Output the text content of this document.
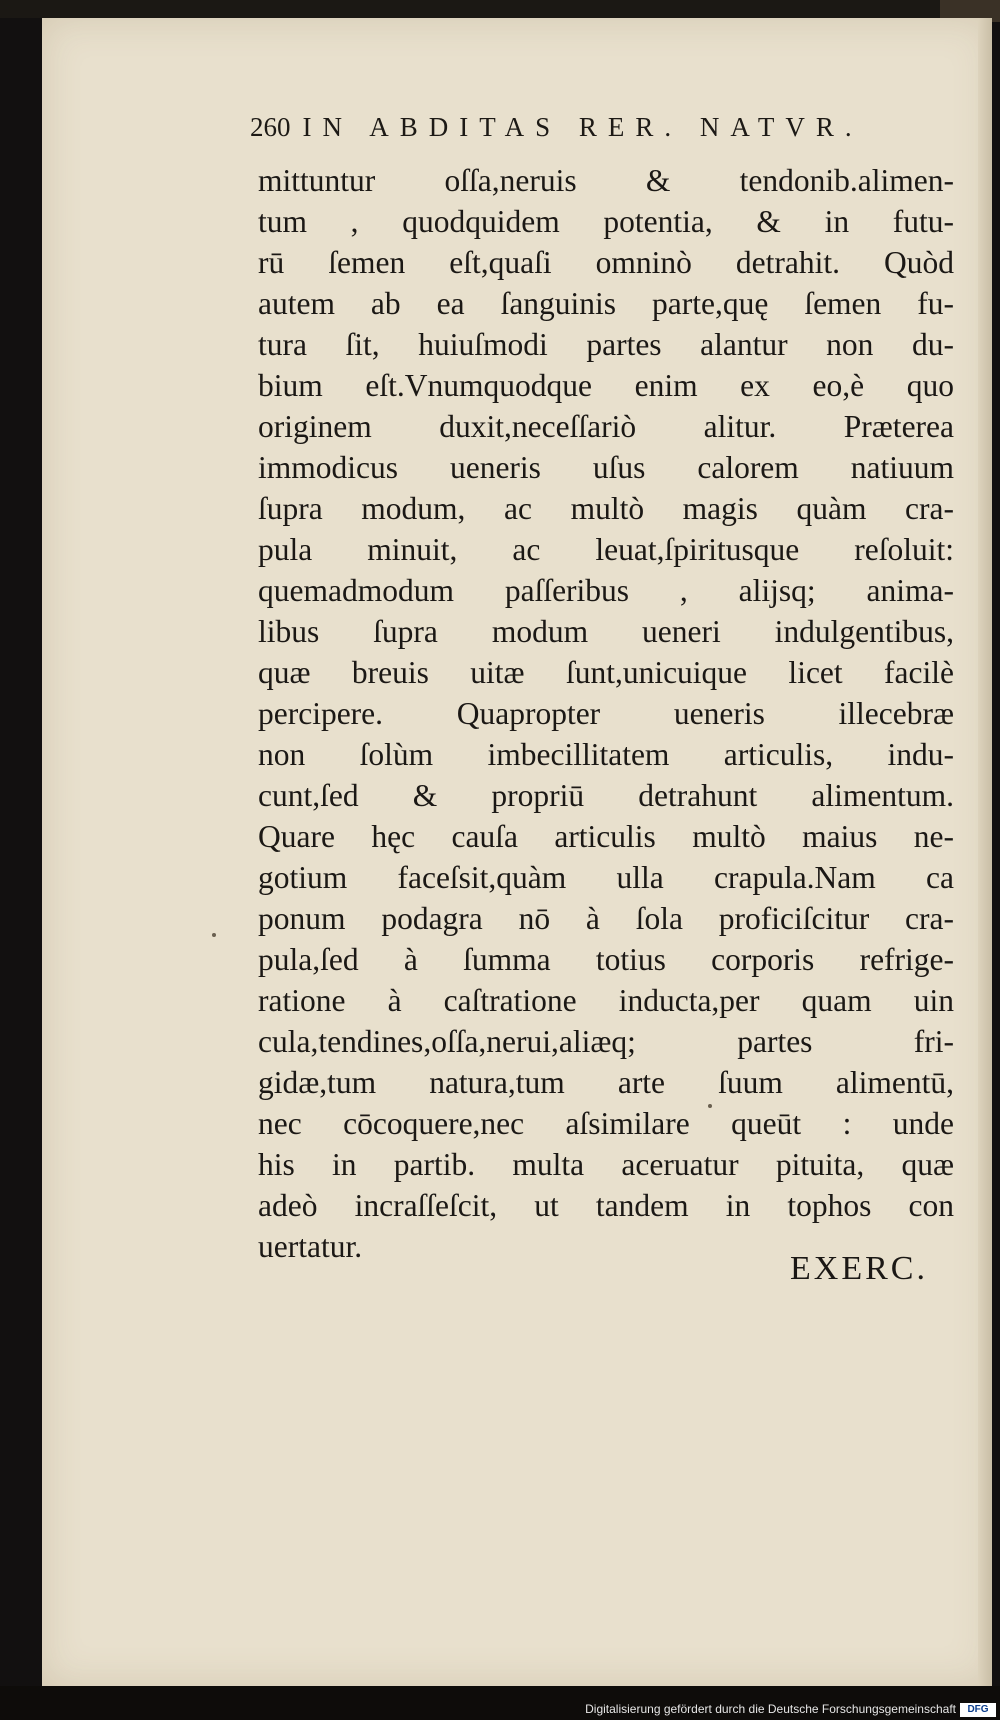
260 IN ABDITAS RER. NATVR.
mittuntur oſſa,neruis & tendonib.alimen-
tum , quodquidem potentia, & in futu-
rū ſemen eſt,quaſi omninò detrahit. Quòd
autem ab ea ſanguinis parte,quę ſemen fu-
tura ſit, huiuſmodi partes alantur non du-
bium eſt.Vnumquodque enim ex eo,è quo
originem duxit,neceſſariò alitur. Præterea
immodicus ueneris uſus calorem natiuum
ſupra modum, ac multò magis quàm cra-
pula minuit, ac leuat,ſpiritusque reſoluit:
quemadmodum paſſeribus , alijsq; anima-
libus ſupra modum ueneri indulgentibus,
quæ breuis uitæ ſunt,unicuique licet facilè
percipere. Quapropter ueneris illecebræ
non ſolùm imbecillitatem articulis, indu-
cunt,ſed & propriū detrahunt alimentum.
Quare hęc cauſa articulis multò maius ne-
gotium faceſsit,quàm ulla crapula.Nam ca
ponum podagra nō à ſola proficiſcitur cra-
pula,ſed à ſumma totius corporis refrige-
ratione à caſtratione inducta,per quam uin
cula,tendines,oſſa,nerui,aliæq; partes fri-
gidæ,tum natura,tum arte ſuum alimentū,
nec cōcoquere,nec aſsimilare queūt : unde
his in partib. multa aceruatur pituita, quæ
adeò incraſſeſcit, ut tandem in tophos con
uertatur.
EXERC.
Digitalisierung gefördert durch die Deutsche Forschungsgemeinschaft	DFG
